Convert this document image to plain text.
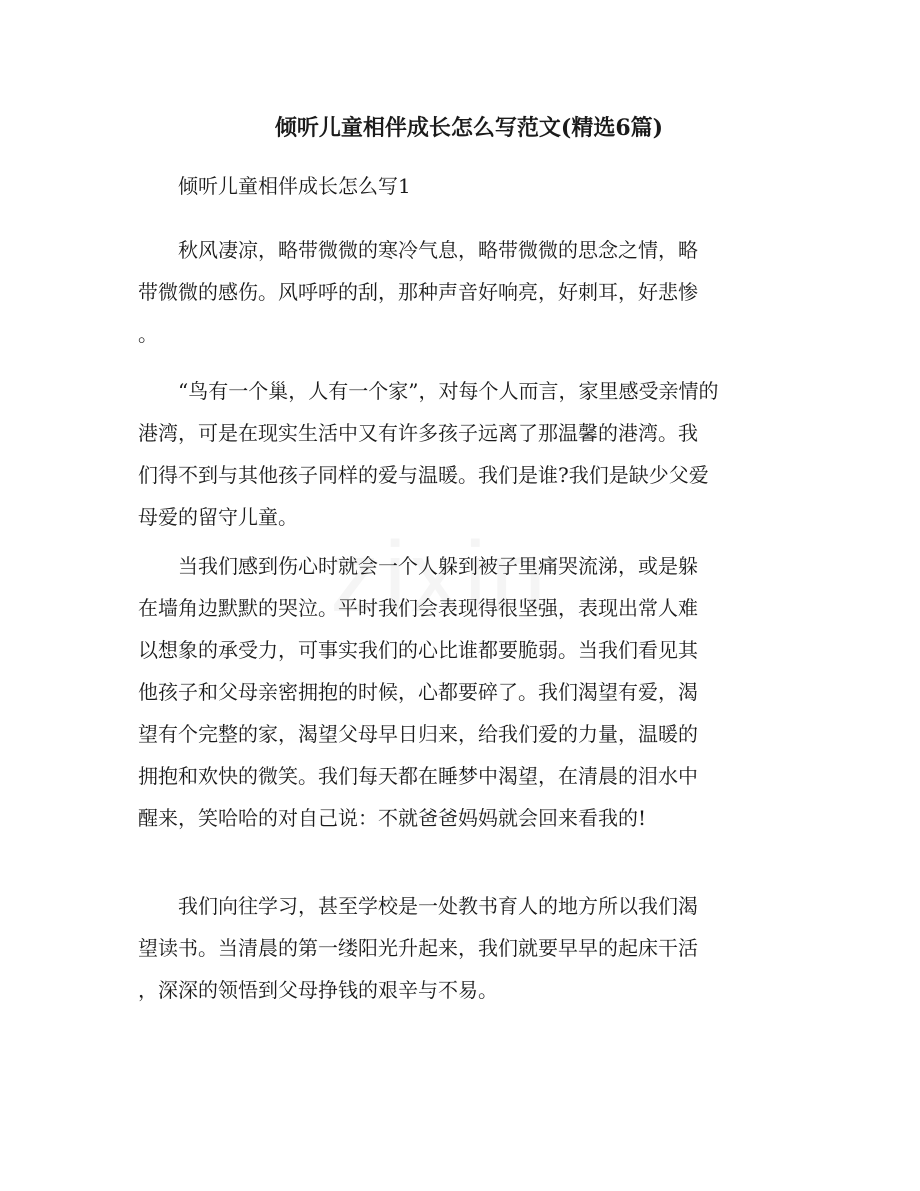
倾听儿童相伴成长怎么写范文(精选6篇)

倾听儿童相伴成长怎么写1

秋风凄凉，略带微微的寒冷气息，略带微微的思念之情，略
带微微的感伤。风呼呼的刮，那种声音好响亮，好刺耳，好悲惨
。

“鸟有一个巢，人有一个家”，对每个人而言，家里感受亲情的
港湾，可是在现实生活中又有许多孩子远离了那温馨的港湾。我
们得不到与其他孩子同样的爱与温暖。我们是谁?我们是缺少父爱
母爱的留守儿童。

当我们感到伤心时就会一个人躲到被子里痛哭流涕，或是躲
在墙角边默默的哭泣。平时我们会表现得很坚强，表现出常人难
以想象的承受力，可事实我们的心比谁都要脆弱。当我们看见其
他孩子和父母亲密拥抱的时候，心都要碎了。我们渴望有爱，渴
望有个完整的家，渴望父母早日归来，给我们爱的力量，温暖的
拥抱和欢快的微笑。我们每天都在睡梦中渴望，在清晨的泪水中
醒来，笑哈哈的对自己说：不就爸爸妈妈就会回来看我的!

我们向往学习，甚至学校是一处教书育人的地方所以我们渴
望读书。当清晨的第一缕阳光升起来，我们就要早早的起床干活
，深深的领悟到父母挣钱的艰辛与不易。
